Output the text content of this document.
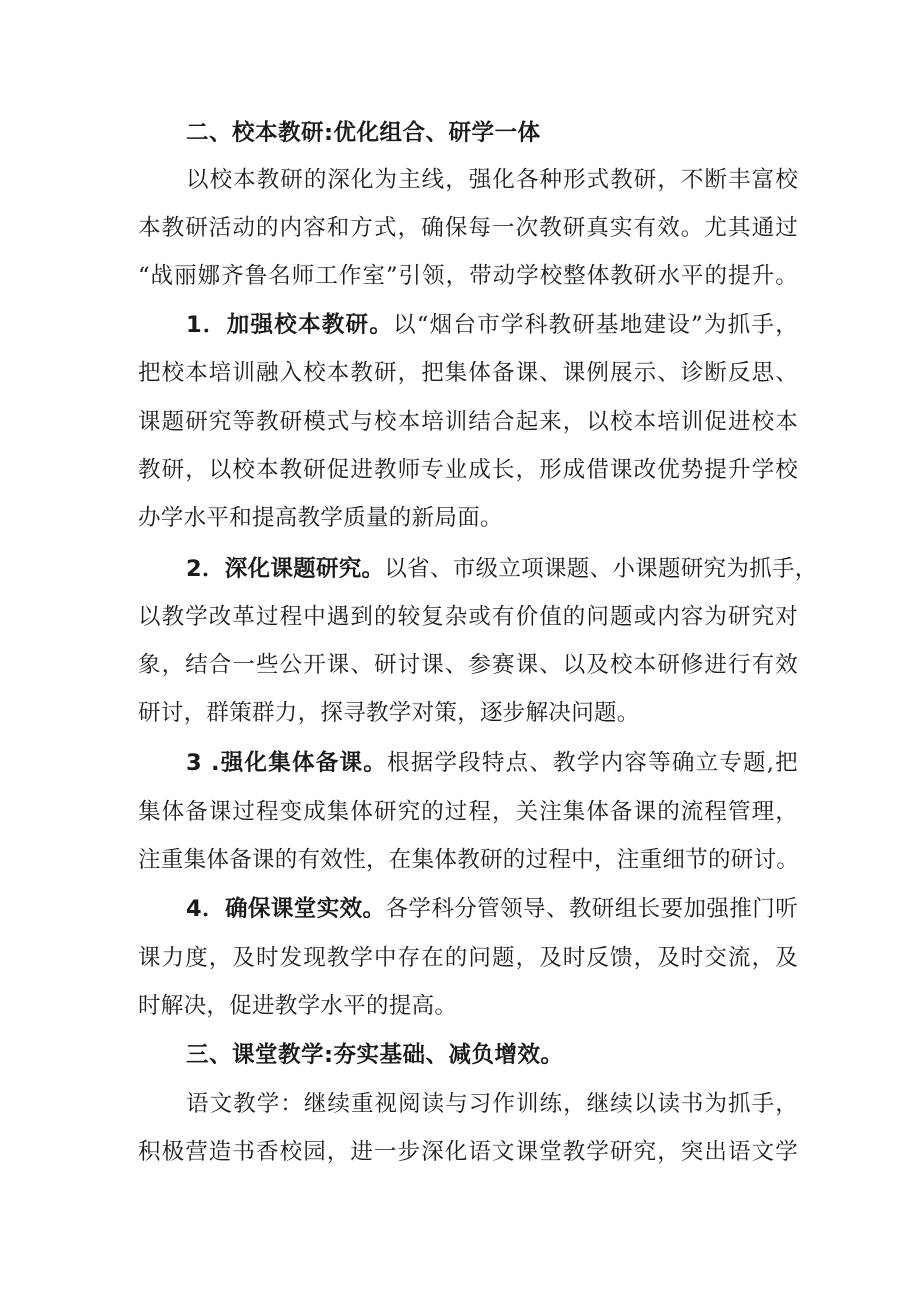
二、校本教研:优化组合、研学一体
以校本教研的深化为主线，强化各种形式教研，不断丰富校
本教研活动的内容和方式，确保每一次教研真实有效。尤其通过
“战丽娜齐鲁名师工作室”引领，带动学校整体教研水平的提升。
1．加强校本教研。以“烟台市学科教研基地建设”为抓手，
把校本培训融入校本教研，把集体备课、课例展示、诊断反思、
课题研究等教研模式与校本培训结合起来，以校本培训促进校本
教研，以校本教研促进教师专业成长，形成借课改优势提升学校
办学水平和提高教学质量的新局面。
2．深化课题研究。以省、市级立项课题、小课题研究为抓手，
以教学改革过程中遇到的较复杂或有价值的问题或内容为研究对
象，结合一些公开课、研讨课、参赛课、以及校本研修进行有效
研讨，群策群力，探寻教学对策，逐步解决问题。
3 .强化集体备课。根据学段特点、教学内容等确立专题,把
集体备课过程变成集体研究的过程，关注集体备课的流程管理，
注重集体备课的有效性，在集体教研的过程中，注重细节的研讨。
4．确保课堂实效。各学科分管领导、教研组长要加强推门听
课力度，及时发现教学中存在的问题，及时反馈，及时交流，及
时解决，促进教学水平的提高。
三、课堂教学:夯实基础、减负增效。
语文教学：继续重视阅读与习作训练，继续以读书为抓手，
积极营造书香校园，进一步深化语文课堂教学研究，突出语文学
